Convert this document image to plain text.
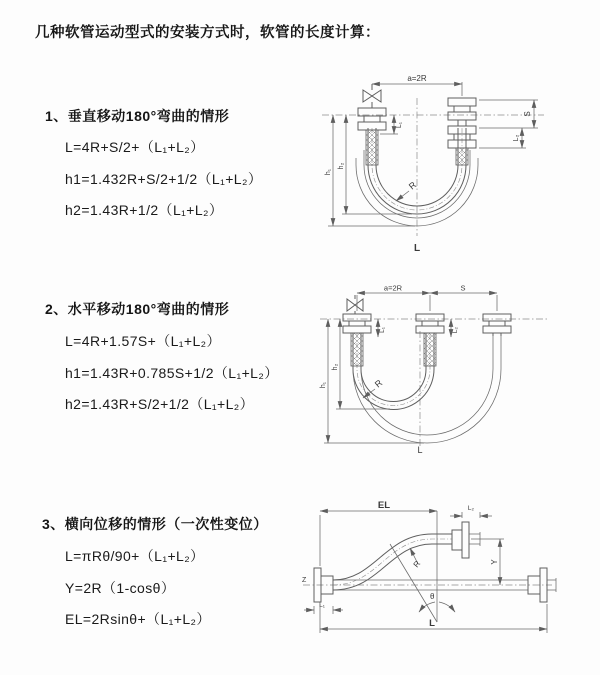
几种软管运动型式的安装方式时，软管的长度计算：
1、垂直移动180°弯曲的情形
L=4R+S/2+（L₁+L₂）
h1=1.432R+S/2+1/2（L₁+L₂）
h2=1.43R+1/2（L₁+L₂）
a=2R
S
L₂
L₁
h₁
h₂
R
L
2、水平移动180°弯曲的情形
L=4R+1.57S+（L₁+L₂）
h1=1.43R+0.785S+1/2（L₁+L₂）
h2=1.43R+S/2+1/2（L₁+L₂）
a=2R	S
h₁
h₂
L₁	L₂
R
L
3、横向位移的情形（一次性变位）
L=πRθ/90+（L₁+L₂）
Y=2R（1-cosθ）
EL=2Rsinθ+（L₁+L₂）
Z
θ
R
EL	L₂
Y
L₁
L
